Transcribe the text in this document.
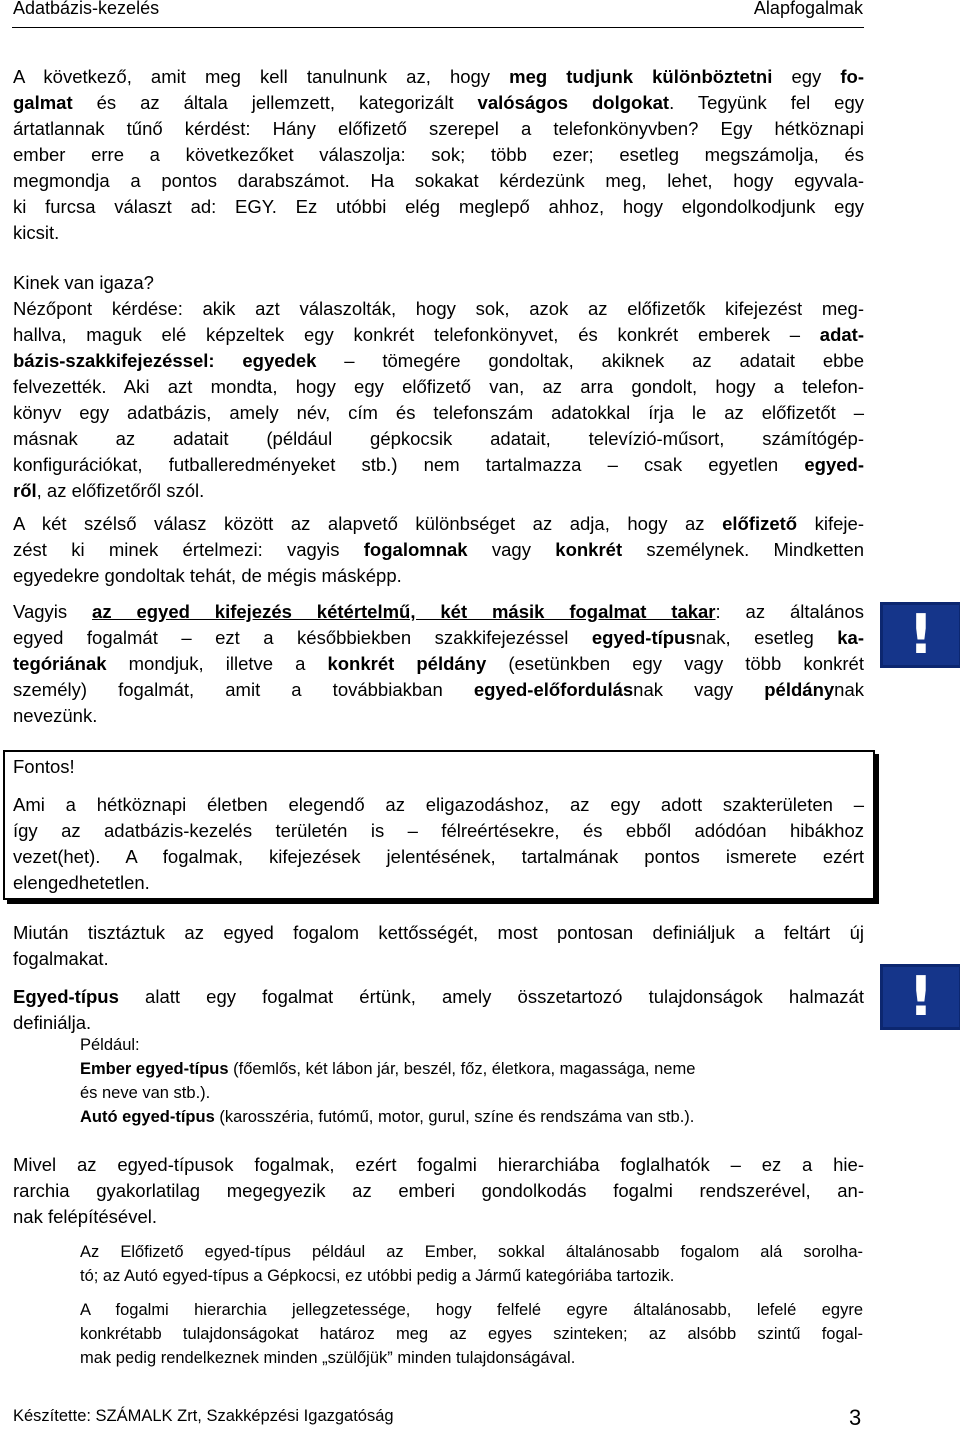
Adatbázis-kezelés	Alapfogalmak
A következő, amit meg kell tanulnunk az, hogy meg tudjunk különböztetni egy fo-
galmat és az általa jellemzett, kategorizált valóságos dolgokat. Tegyünk fel egy
ártatlannak tűnő kérdést: Hány előfizető szerepel a telefonkönyvben? Egy hétköznapi
ember erre a következőket válaszolja: sok; több ezer; esetleg megszámolja, és
megmondja a pontos darabszámot. Ha sokakat kérdezünk meg, lehet, hogy egyvala-
ki furcsa választ ad: EGY. Ez utóbbi elég meglepő ahhoz, hogy elgondolkodjunk egy
kicsit.
Kinek van igaza?
Nézőpont kérdése: akik azt válaszolták, hogy sok, azok az előfizetők kifejezést meg-
hallva, maguk elé képzeltek egy konkrét telefonkönyvet, és konkrét emberek – adat-
bázis-szakkifejezéssel: egyedek – tömegére gondoltak, akiknek az adatait ebbe
felvezették. Aki azt mondta, hogy egy előfizető van, az arra gondolt, hogy a telefon-
könyv egy adatbázis, amely név, cím és telefonszám adatokkal írja le az előfizetőt –
másnak az adatait (például gépkocsik adatait, televízió-műsort, számítógép-
konfigurációkat, futballeredményeket stb.) nem tartalmazza – csak egyetlen egyed-
ről, az előfizetőről szól.
A két szélső válasz között az alapvető különbséget az adja, hogy az előfizető kifeje-
zést ki minek értelmezi: vagyis fogalomnak vagy konkrét személynek. Mindketten
egyedekre gondoltak tehát, de mégis másképp.
Vagyis az egyed kifejezés kétértelmű, két másik fogalmat takar: az általános
egyed fogalmát – ezt a későbbiekben szakkifejezéssel egyed-típusnak, esetleg ka-
tegóriának mondjuk, illetve a konkrét példány (esetünkben egy vagy több konkrét
személy) fogalmát, amit a továbbiakban egyed-előfordulásnak vagy példánynak
nevezünk.
!
Fontos!
Ami a hétköznapi életben elegendő az eligazodáshoz, az egy adott szakterületen –
így az adatbázis-kezelés területén is – félreértésekre, és ebből adódóan hibákhoz
vezet(het). A fogalmak, kifejezések jelentésének, tartalmának pontos ismerete ezért
elengedhetetlen.
Miután tisztáztuk az egyed fogalom kettősségét, most pontosan definiáljuk a feltárt új
fogalmakat.
!
Egyed-típus alatt egy fogalmat értünk, amely összetartozó tulajdonságok halmazát
definiálja.
Például:
Ember egyed-típus (főemlős, két lábon jár, beszél, főz, életkora, magassága, neme
és neve van stb.).
Autó egyed-típus (karosszéria, futómű, motor, gurul, színe és rendszáma van stb.).
Mivel az egyed-típusok fogalmak, ezért fogalmi hierarchiába foglalhatók – ez a hie-
rarchia gyakorlatilag megegyezik az emberi gondolkodás fogalmi rendszerével, an-
nak felépítésével.
Az Előfizető egyed-típus például az Ember, sokkal általánosabb fogalom alá sorolha-
tó; az Autó egyed-típus a Gépkocsi, ez utóbbi pedig a Jármű kategóriába tartozik.
A fogalmi hierarchia jellegzetessége, hogy felfelé egyre általánosabb, lefelé egyre
konkrétabb tulajdonságokat határoz meg az egyes szinteken; az alsóbb szintű fogal-
mak pedig rendelkeznek minden „szülőjük” minden tulajdonságával.
Készítette: SZÁMALK Zrt, Szakképzési Igazgatóság	3
